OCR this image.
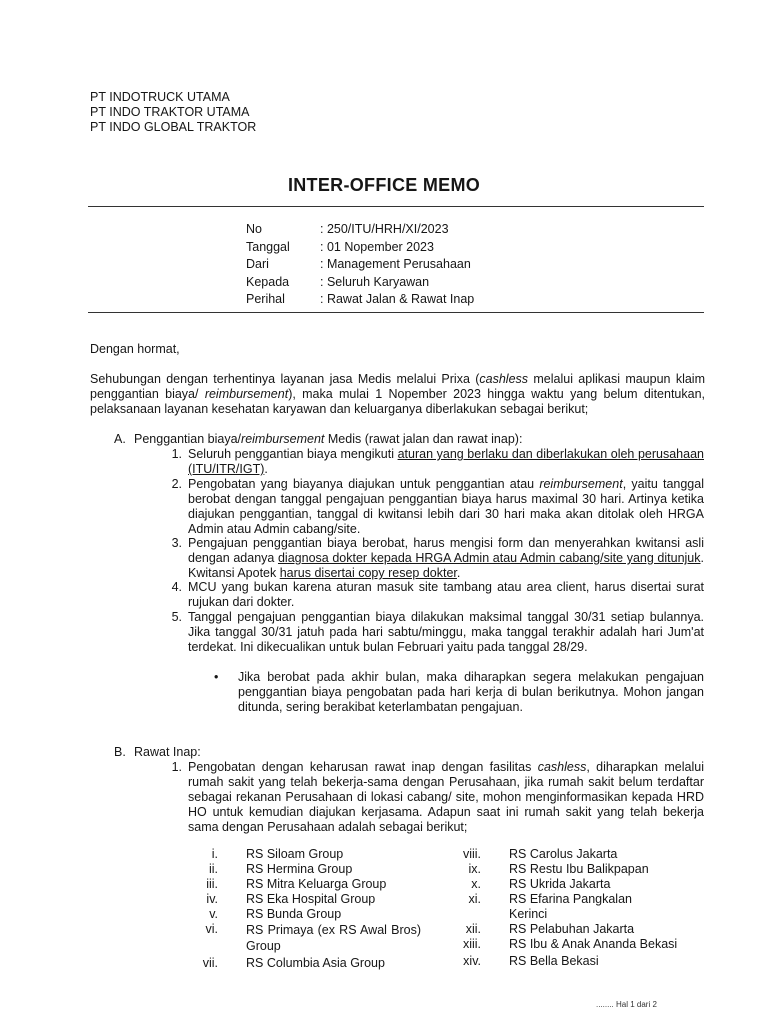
PT INDOTRUCK UTAMA
PT INDO TRAKTOR UTAMA
PT INDO GLOBAL TRAKTOR
INTER-OFFICE MEMO
No	: 250/ITU/HRH/XI/2023
Tanggal	: 01 Nopember 2023
Dari	: Management Perusahaan
Kepada	: Seluruh Karyawan
Perihal	: Rawat Jalan & Rawat Inap
Dengan hormat,

Sehubungan dengan terhentinya layanan jasa Medis melalui Prixa (cashless melalui aplikasi maupun klaim penggantian biaya/ reimbursement), maka mulai 1 Nopember 2023 hingga waktu yang belum ditentukan, pelaksanaan layanan kesehatan karyawan dan keluarganya diberlakukan sebagai berikut;

A. Penggantian biaya/reimbursement Medis (rawat jalan dan rawat inap):
1. Seluruh penggantian biaya mengikuti aturan yang berlaku dan diberlakukan oleh perusahaan (ITU/ITR/IGT).
2. Pengobatan yang biayanya diajukan untuk penggantian atau reimbursement, yaitu tanggal berobat dengan tanggal pengajuan penggantian biaya harus maximal 30 hari. Artinya ketika diajukan penggantian, tanggal di kwitansi lebih dari 30 hari maka akan ditolak oleh HRGA Admin atau Admin cabang/site.
3. Pengajuan penggantian biaya berobat, harus mengisi form dan menyerahkan kwitansi asli dengan adanya diagnosa dokter kepada HRGA Admin atau Admin cabang/site yang ditunjuk. Kwitansi Apotek harus disertai copy resep dokter.
4. MCU yang bukan karena aturan masuk site tambang atau area client, harus disertai surat rujukan dari dokter.
5. Tanggal pengajuan penggantian biaya dilakukan maksimal tanggal 30/31 setiap bulannya. Jika tanggal 30/31 jatuh pada hari sabtu/minggu, maka tanggal terakhir adalah hari Jum'at terdekat. Ini dikecualikan untuk bulan Februari yaitu pada tanggal 28/29.
•	Jika berobat pada akhir bulan, maka diharapkan segera melakukan pengajuan penggantian biaya pengobatan pada hari kerja di bulan berikutnya. Mohon jangan ditunda, sering berakibat keterlambatan pengajuan.
B. Rawat Inap:
1. Pengobatan dengan keharusan rawat inap dengan fasilitas cashless, diharapkan melalui rumah sakit yang telah bekerja-sama dengan Perusahaan, jika rumah sakit belum terdaftar sebagai rekanan Perusahaan di lokasi cabang/ site, mohon menginformasikan kepada HRD HO untuk kemudian diajukan kerjasama. Adapun saat ini rumah sakit yang telah bekerja sama dengan Perusahaan adalah sebagai berikut;
i.	RS Siloam Group
ii.	RS Hermina Group
iii.	RS Mitra Keluarga Group
iv.	RS Eka Hospital Group
v.	RS Bunda Group
vi.	RS Primaya (ex RS Awal Bros) Group
vii.	RS Columbia Asia Group
viii.	RS Carolus Jakarta
ix.	RS Restu Ibu Balikpapan
x.	RS Ukrida Jakarta
xi.	RS Efarina Pangkalan Kerinci
xii.	RS Pelabuhan Jakarta
xiii.	RS Ibu & Anak Ananda Bekasi
xiv.	RS Bella Bekasi
........ Hal 1 dari 2
